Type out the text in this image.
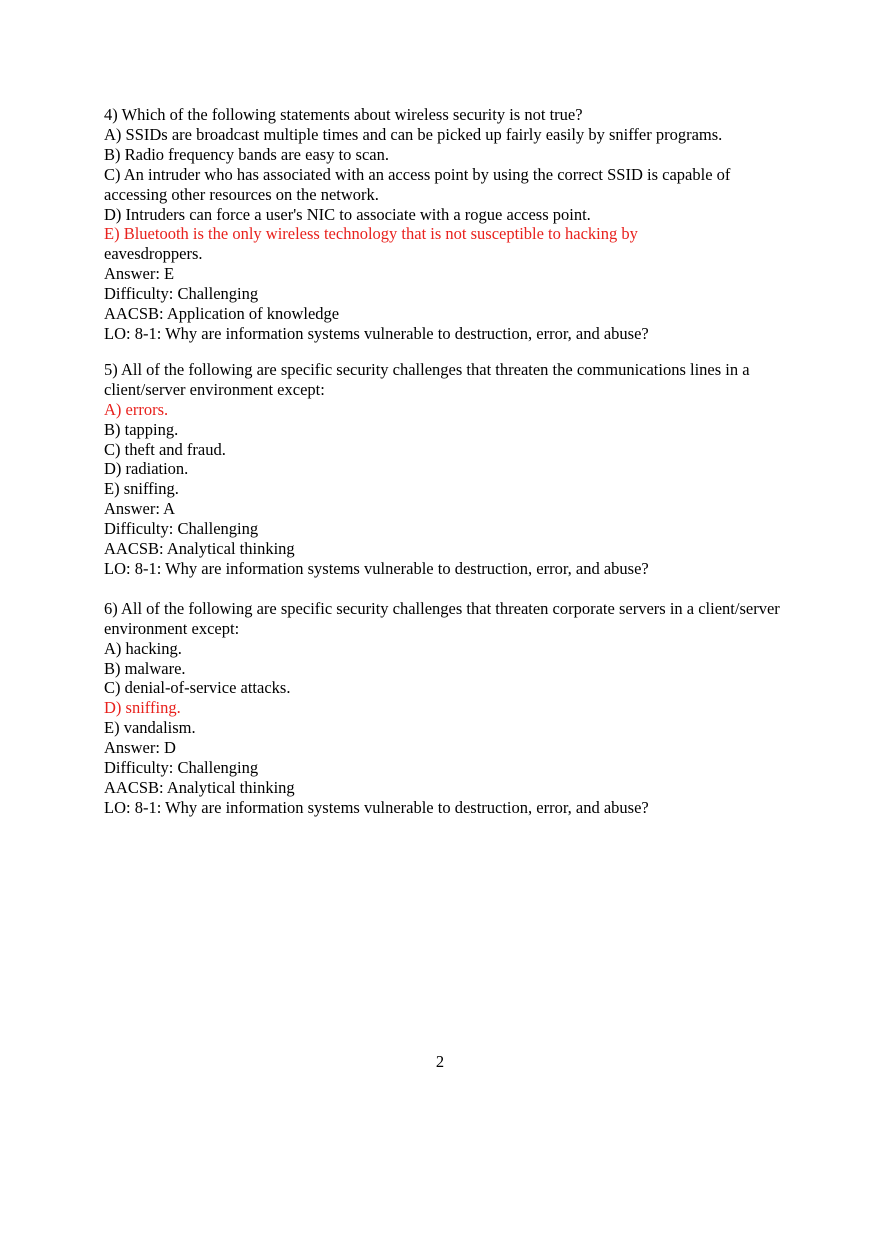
4) Which of the following statements about wireless security is not true?
A) SSIDs are broadcast multiple times and can be picked up fairly easily by sniffer programs.
B) Radio frequency bands are easy to scan.
C) An intruder who has associated with an access point by using the correct SSID is capable of accessing other resources on the network.
D) Intruders can force a user's NIC to associate with a rogue access point.
E) Bluetooth is the only wireless technology that is not susceptible to hacking by
eavesdroppers.
Answer: E
Difficulty: Challenging
AACSB: Application of knowledge
LO: 8-1: Why are information systems vulnerable to destruction, error, and abuse?
5) All of the following are specific security challenges that threaten the communications lines in a client/server environment except:
A) errors.
B) tapping.
C) theft and fraud.
D) radiation.
E) sniffing.
Answer: A
Difficulty: Challenging
AACSB: Analytical thinking
LO: 8-1: Why are information systems vulnerable to destruction, error, and abuse?
6) All of the following are specific security challenges that threaten corporate servers in a client/server environment except:
A) hacking.
B) malware.
C) denial-of-service attacks.
D) sniffing.
E) vandalism.
Answer: D
Difficulty: Challenging
AACSB: Analytical thinking
LO: 8-1: Why are information systems vulnerable to destruction, error, and abuse?
2
